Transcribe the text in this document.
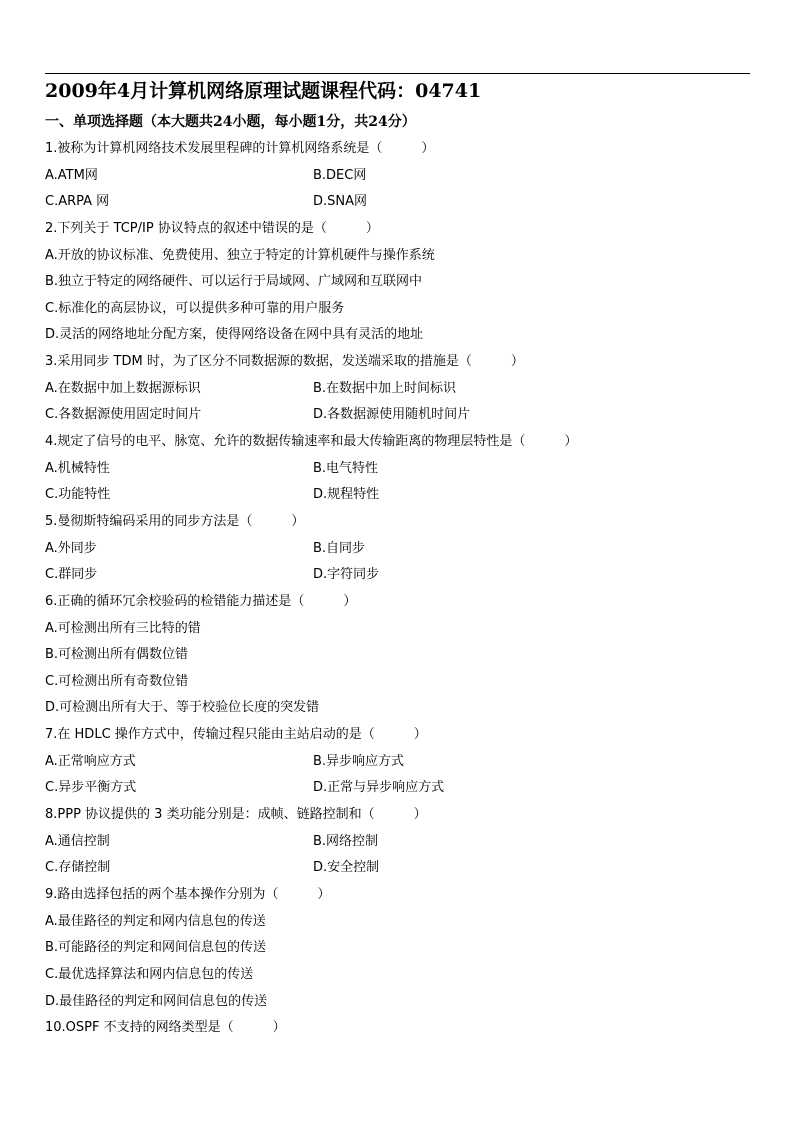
2009年4月计算机网络原理试题课程代码：04741
一、单项选择题（本大题共24小题，每小题1分，共24分）
1.被称为计算机网络技术发展里程碑的计算机网络系统是（　　　）
A.ATM网	B.DEC网
C.ARPA 网	D.SNA网
2.下列关于 TCP/IP 协议特点的叙述中错误的是（　　　）
A.开放的协议标准、免费使用、独立于特定的计算机硬件与操作系统
B.独立于特定的网络硬件、可以运行于局域网、广域网和互联网中
C.标准化的高层协议，可以提供多种可靠的用户服务
D.灵活的网络地址分配方案，使得网络设备在网中具有灵活的地址
3.采用同步 TDM 时，为了区分不同数据源的数据，发送端采取的措施是（　　　）
A.在数据中加上数据源标识	B.在数据中加上时间标识
C.各数据源使用固定时间片	D.各数据源使用随机时间片
4.规定了信号的电平、脉宽、允许的数据传输速率和最大传输距离的物理层特性是（　　　）
A.机械特性	B.电气特性
C.功能特性	D.规程特性
5.曼彻斯特编码采用的同步方法是（　　　）
A.外同步	B.自同步
C.群同步	D.字符同步
6.正确的循环冗余校验码的检错能力描述是（　　　）
A.可检测出所有三比特的错
B.可检测出所有偶数位错
C.可检测出所有奇数位错
D.可检测出所有大于、等于校验位长度的突发错
7.在 HDLC 操作方式中，传输过程只能由主站启动的是（　　　）
A.正常响应方式	B.异步响应方式
C.异步平衡方式	D.正常与异步响应方式
8.PPP 协议提供的 3 类功能分别是：成帧、链路控制和（　　　）
A.通信控制	B.网络控制
C.存储控制	D.安全控制
9.路由选择包括的两个基本操作分别为（　　　）
A.最佳路径的判定和网内信息包的传送
B.可能路径的判定和网间信息包的传送
C.最优选择算法和网内信息包的传送
D.最佳路径的判定和网间信息包的传送
10.OSPF 不支持的网络类型是（　　　）
